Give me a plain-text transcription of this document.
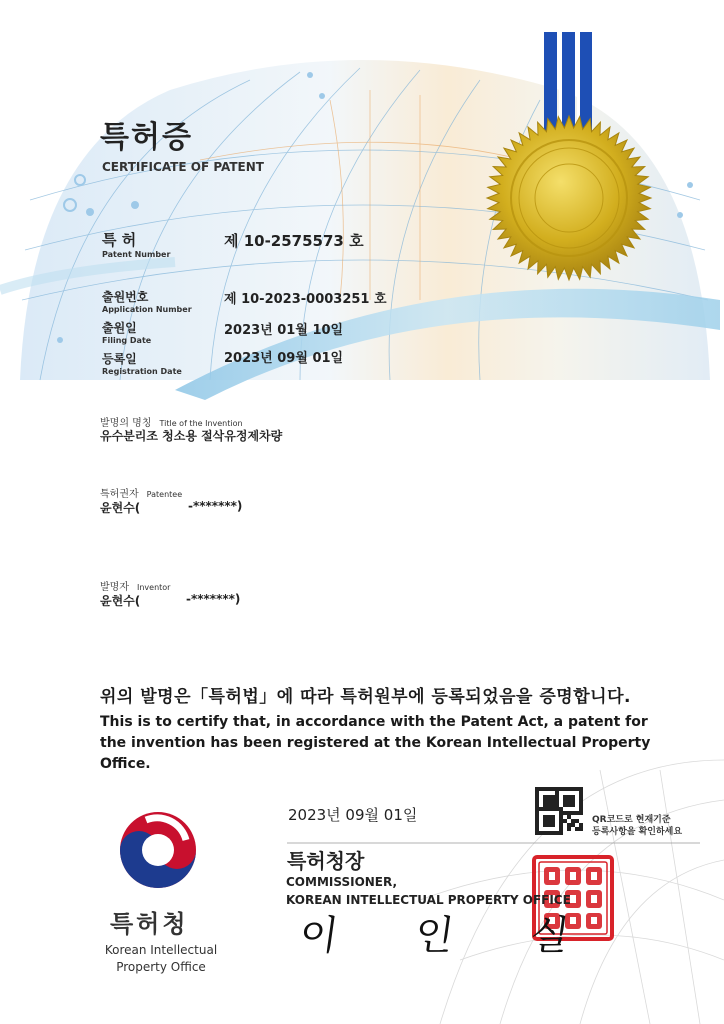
특허증
CERTIFICATE OF PATENT
특 허
Patent Number
제 10-2575573 호
출원번호
Application Number
제 10-2023-0003251 호
출원일
Filing Date
2023년 01월 10일
등록일
Registration Date
2023년 09월 01일
발명의 명칭 Title of the Invention
유수분리조 청소용 절삭유정제차량
특허권자 Patentee
윤현수(	-*******)
발명자 Inventor
윤현수(	-*******)
위의 발명은「특허법」에 따라 특허원부에 등록되었음을 증명합니다.
This is to certify that, in accordance with the Patent Act, a patent for the invention has been registered at the Korean Intellectual Property Office.
2023년 09월 01일
특허청장
COMMISSIONER,
KOREAN INTELLECTUAL PROPERTY OFFICE
이 인 실
QR코드로 현재기준
등록사항을 확인하세요
특허청
Korean Intellectual
Property Office
